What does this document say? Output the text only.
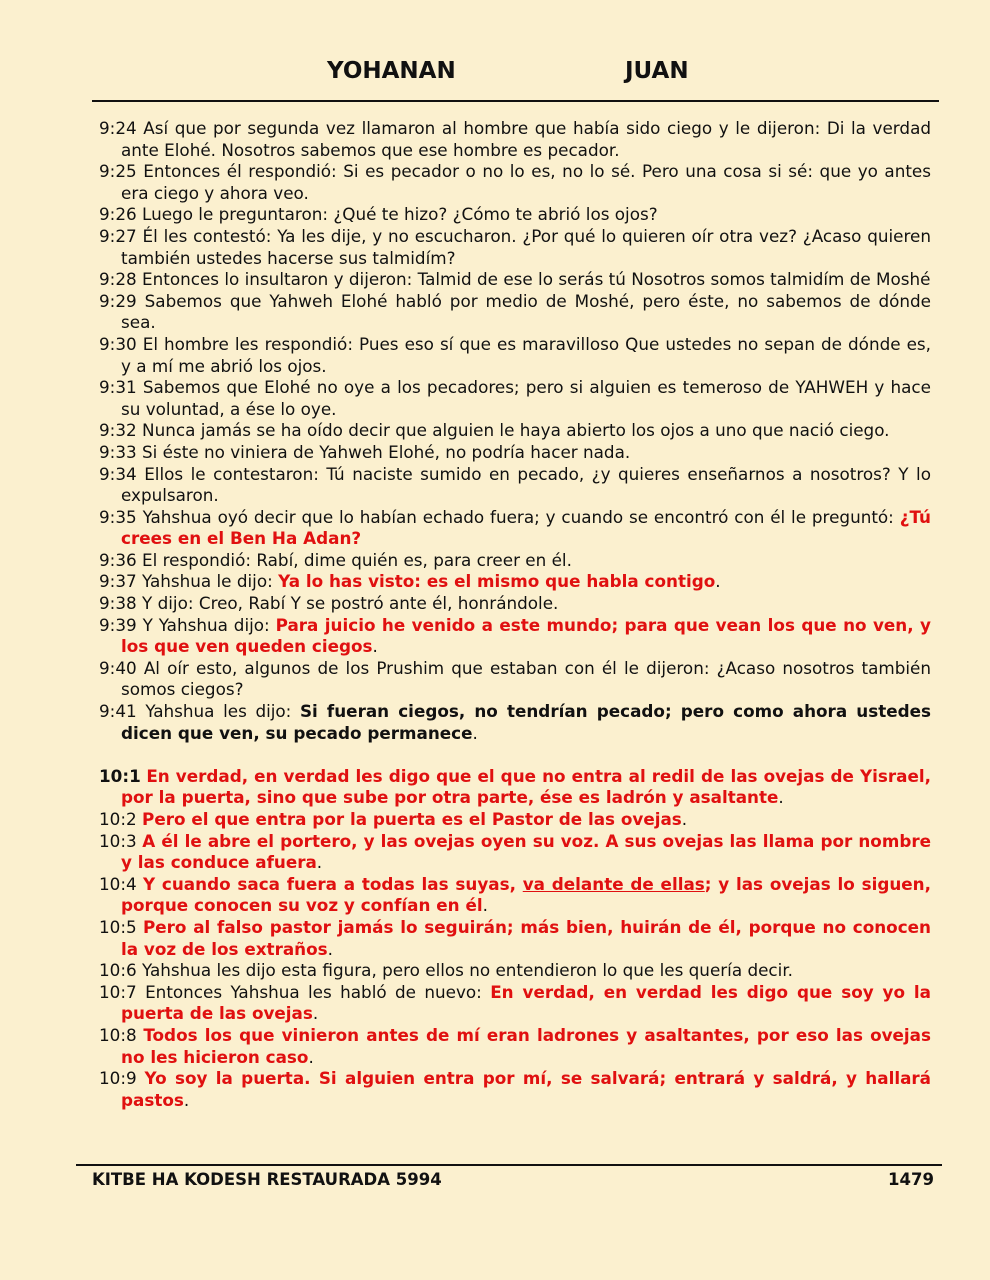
YOHANAN	JUAN
9:24 Así que por segunda vez llamaron al hombre que había sido ciego y le dijeron: Di la verdad ante Elohé. Nosotros sabemos que ese hombre es pecador.
9:25 Entonces él respondió: Si es pecador o no lo es, no lo sé. Pero una cosa si sé: que yo antes era ciego y ahora veo.
9:26 Luego le preguntaron: ¿Qué te hizo? ¿Cómo te abrió los ojos?
9:27 Él les contestó: Ya les dije, y no escucharon. ¿Por qué lo quieren oír otra vez? ¿Acaso quieren también ustedes hacerse sus talmidím?
9:28 Entonces lo insultaron y dijeron: Talmid de ese lo serás tú Nosotros somos talmidím de Moshé
9:29 Sabemos que Yahweh Elohé habló por medio de Moshé, pero éste, no sabemos de dónde sea.
9:30 El hombre les respondió: Pues eso sí que es maravilloso Que ustedes no sepan de dónde es, y a mí me abrió los ojos.
9:31 Sabemos que Elohé no oye a los pecadores; pero si alguien es temeroso de YAHWEH y hace su voluntad, a ése lo oye.
9:32 Nunca jamás se ha oído decir que alguien le haya abierto los ojos a uno que nació ciego.
9:33 Si éste no viniera de Yahweh Elohé, no podría hacer nada.
9:34 Ellos le contestaron: Tú naciste sumido en pecado, ¿y quieres enseñarnos a nosotros? Y lo expulsaron.
9:35 Yahshua oyó decir que lo habían echado fuera; y cuando se encontró con él le preguntó: ¿Tú crees en el Ben Ha Adan?
9:36 El respondió: Rabí, dime quién es, para creer en él.
9:37 Yahshua le dijo: Ya lo has visto: es el mismo que habla contigo.
9:38 Y dijo: Creo, Rabí Y se postró ante él, honrándole.
9:39 Y Yahshua dijo: Para juicio he venido a este mundo; para que vean los que no ven, y los que ven queden ciegos.
9:40 Al oír esto, algunos de los Prushim que estaban con él le dijeron: ¿Acaso nosotros también somos ciegos?
9:41 Yahshua les dijo: Si fueran ciegos, no tendrían pecado; pero como ahora ustedes dicen que ven, su pecado permanece.
10:1 En verdad, en verdad les digo que el que no entra al redil de las ovejas de Yisrael, por la puerta, sino que sube por otra parte, ése es ladrón y asaltante.
10:2 Pero el que entra por la puerta es el Pastor de las ovejas.
10:3 A él le abre el portero, y las ovejas oyen su voz. A sus ovejas las llama por nombre y las conduce afuera.
10:4 Y cuando saca fuera a todas las suyas, va delante de ellas; y las ovejas lo siguen, porque conocen su voz y confían en él.
10:5 Pero al falso pastor jamás lo seguirán; más bien, huirán de él, porque no conocen la voz de los extraños.
10:6 Yahshua les dijo esta figura, pero ellos no entendieron lo que les quería decir.
10:7 Entonces Yahshua les habló de nuevo: En verdad, en verdad les digo que soy yo la puerta de las ovejas.
10:8 Todos los que vinieron antes de mí eran ladrones y asaltantes, por eso las ovejas no les hicieron caso.
10:9 Yo soy la puerta. Si alguien entra por mí, se salvará; entrará y saldrá, y hallará pastos.
KITBE HA KODESH RESTAURADA 5994	1479
